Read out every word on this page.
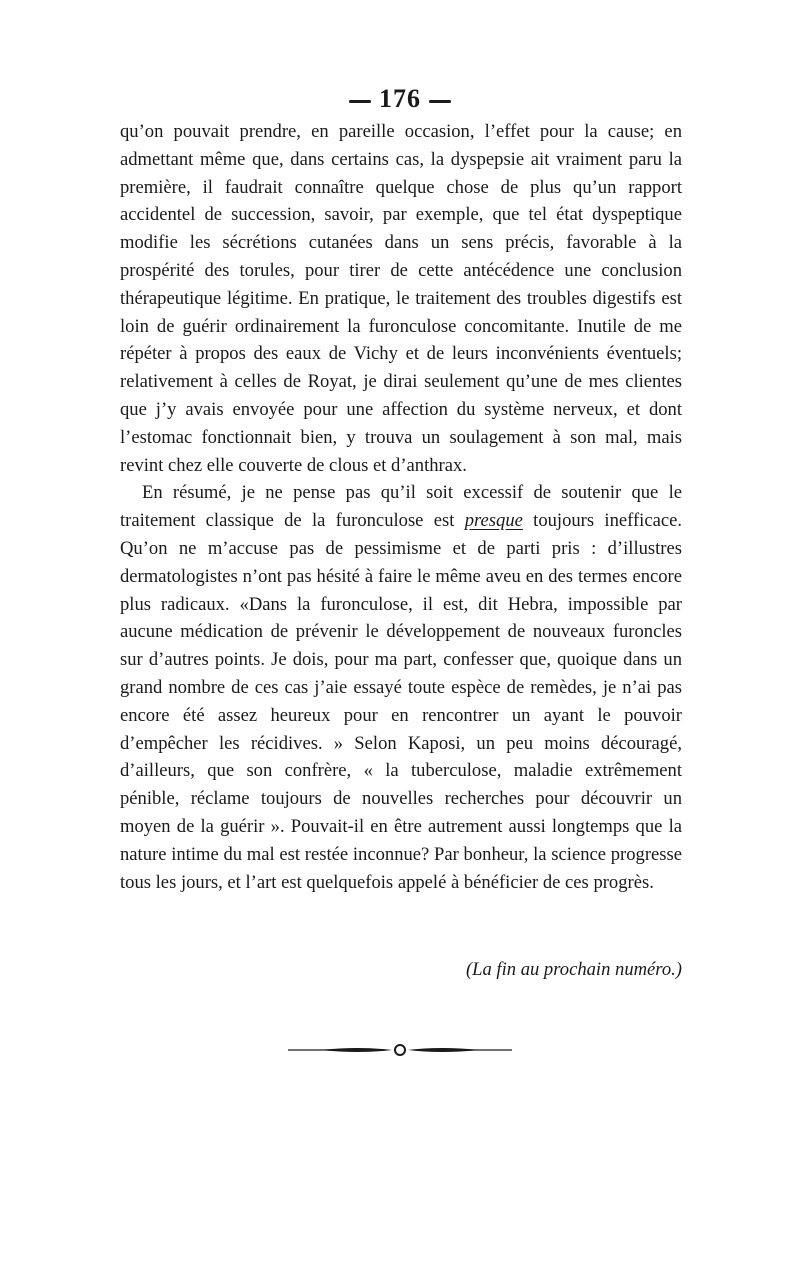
176

qu’on pouvait prendre, en pareille occasion, l’effet pour la cause; en admettant même que, dans certains cas, la dyspepsie ait vraiment paru la première, il faudrait connaître quelque chose de plus qu’un rapport accidentel de succession, savoir, par exemple, que tel état dyspeptique modifie les sécrétions cutanées dans un sens précis, favorable à la prospérité des torules, pour tirer de cette antécédence une conclusion thérapeutique légitime. En pratique, le traitement des troubles digestifs est loin de guérir ordinairement la furonculose concomitante. Inutile de me répéter à propos des eaux de Vichy et de leurs inconvénients éventuels; relativement à celles de Royat, je dirai seulement qu’une de mes clientes que j’y avais envoyée pour une affection du système nerveux, et dont l’estomac fonctionnait bien, y trouva un soulagement à son mal, mais revint chez elle couverte de clous et d’anthrax.

En résumé, je ne pense pas qu’il soit excessif de soutenir que le traitement classique de la furonculose est presque toujours inefficace. Qu’on ne m’accuse pas de pessimisme et de parti pris : d’illustres dermatologistes n’ont pas hésité à faire le même aveu en des termes encore plus radicaux. «Dans la furonculose, il est, dit Hebra, impossible par aucune médication de prévenir le développement de nouveaux furoncles sur d’autres points. Je dois, pour ma part, confesser que, quoique dans un grand nombre de ces cas j’aie essayé toute espèce de remèdes, je n’ai pas encore été assez heureux pour en rencontrer un ayant le pouvoir d’empêcher les récidives. » Selon Kaposi, un peu moins découragé, d’ailleurs, que son confrère, « la tuberculose, maladie extrêmement pénible, réclame toujours de nouvelles recherches pour découvrir un moyen de la guérir ». Pouvait-il en être autrement aussi longtemps que la nature intime du mal est restée inconnue? Par bonheur, la science progresse tous les jours, et l’art est quelquefois appelé à bénéficier de ces progrès.

(La fin au prochain numéro.)
